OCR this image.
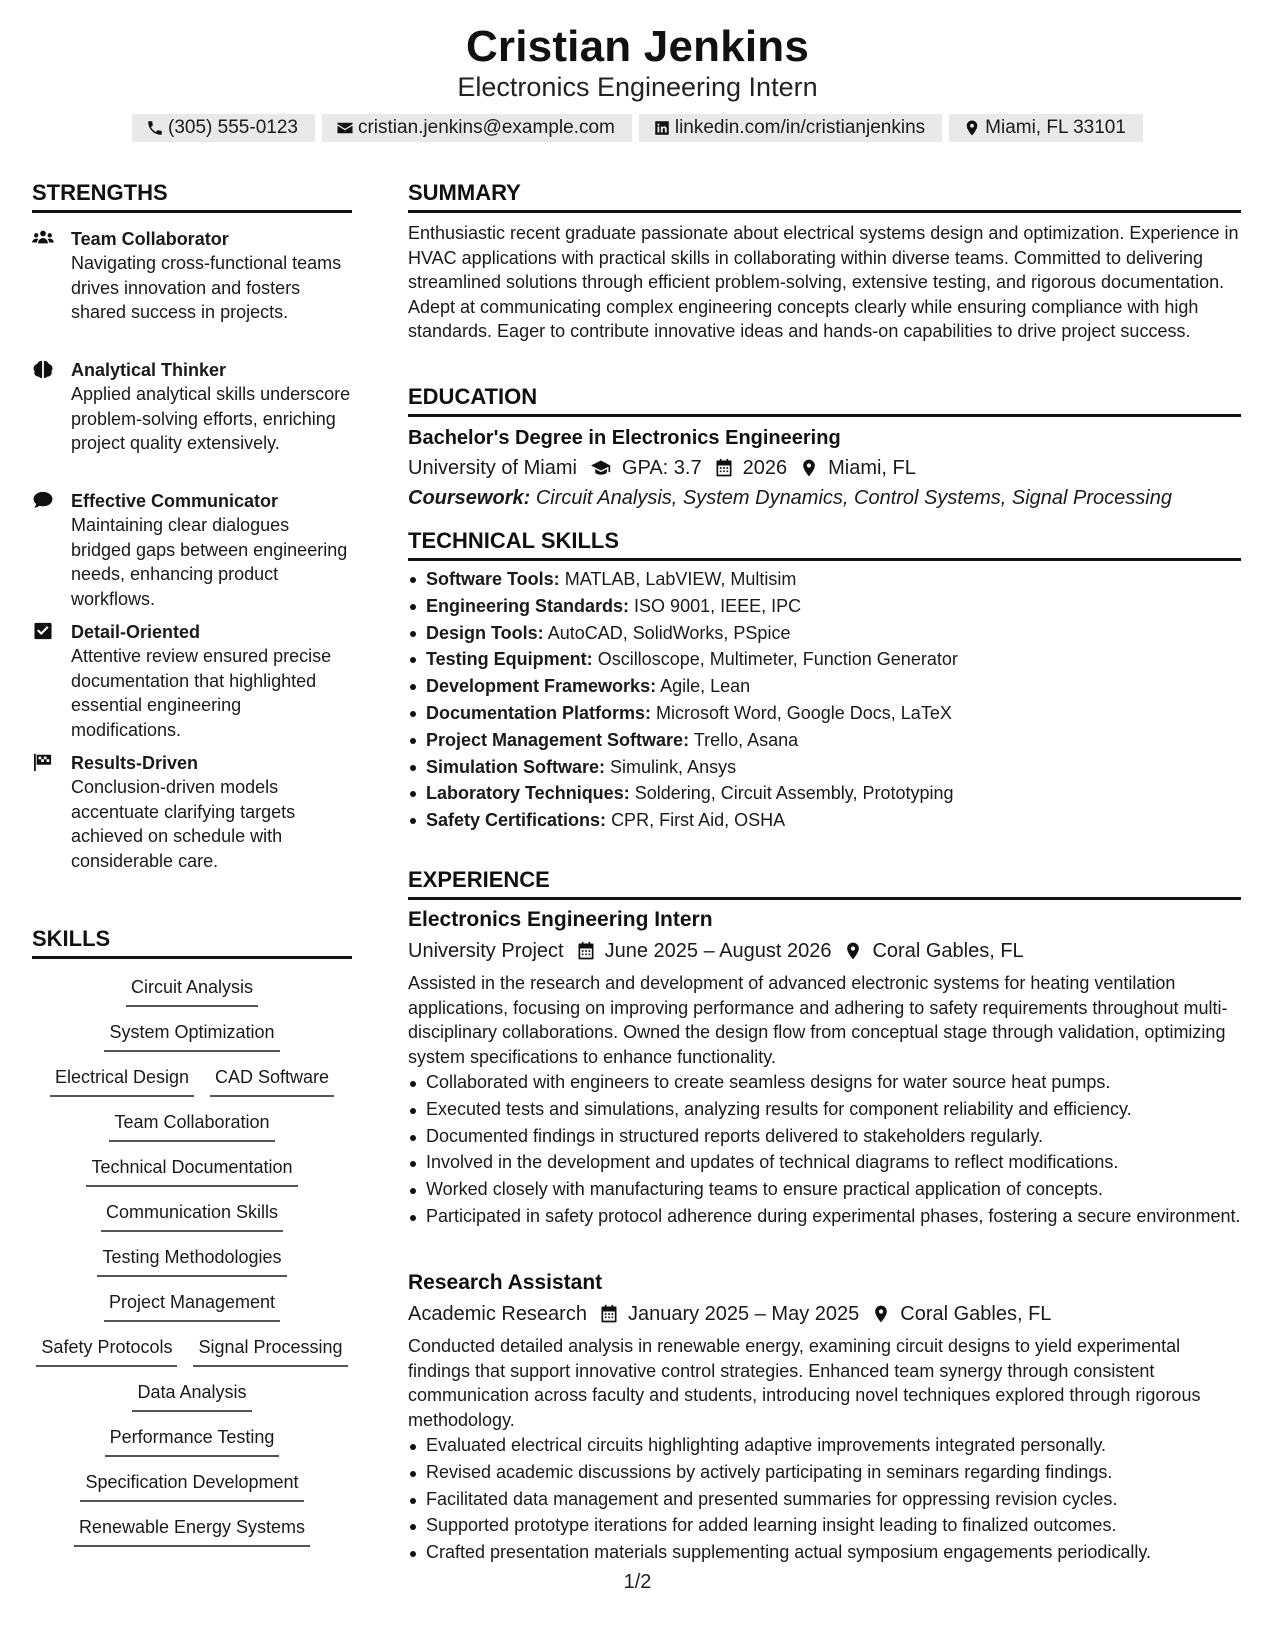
Cristian Jenkins
Electronics Engineering Intern
(305) 555-0123	cristian.jenkins@example.com	linkedin.com/in/cristianjenkins	Miami, FL 33101
STRENGTHS
Team Collaborator
Navigating cross-functional teams drives innovation and fosters shared success in projects.
Analytical Thinker
Applied analytical skills underscore problem-solving efforts, enriching project quality extensively.
Effective Communicator
Maintaining clear dialogues bridged gaps between engineering needs, enhancing product workflows.
Detail-Oriented
Attentive review ensured precise documentation that highlighted essential engineering modifications.
Results-Driven
Conclusion-driven models accentuate clarifying targets achieved on schedule with considerable care.
SKILLS
Circuit Analysis
System Optimization
Electrical Design CAD Software
Team Collaboration
Technical Documentation
Communication Skills
Testing Methodologies
Project Management
Safety Protocols Signal Processing
Data Analysis
Performance Testing
Specification Development
Renewable Energy Systems
SUMMARY
Enthusiastic recent graduate passionate about electrical systems design and optimization. Experience in HVAC applications with practical skills in collaborating within diverse teams. Committed to delivering streamlined solutions through efficient problem-solving, extensive testing, and rigorous documentation. Adept at communicating complex engineering concepts clearly while ensuring compliance with high standards. Eager to contribute innovative ideas and hands-on capabilities to drive project success.
EDUCATION
Bachelor's Degree in Electronics Engineering
University of Miami GPA: 3.7 2026 Miami, FL
Coursework: Circuit Analysis, System Dynamics, Control Systems, Signal Processing
TECHNICAL SKILLS
Software Tools: MATLAB, LabVIEW, Multisim
Engineering Standards: ISO 9001, IEEE, IPC
Design Tools: AutoCAD, SolidWorks, PSpice
Testing Equipment: Oscilloscope, Multimeter, Function Generator
Development Frameworks: Agile, Lean
Documentation Platforms: Microsoft Word, Google Docs, LaTeX
Project Management Software: Trello, Asana
Simulation Software: Simulink, Ansys
Laboratory Techniques: Soldering, Circuit Assembly, Prototyping
Safety Certifications: CPR, First Aid, OSHA
EXPERIENCE
Electronics Engineering Intern
University Project June 2025 – August 2026 Coral Gables, FL
Assisted in the research and development of advanced electronic systems for heating ventilation applications, focusing on improving performance and adhering to safety requirements throughout multi-disciplinary collaborations. Owned the design flow from conceptual stage through validation, optimizing system specifications to enhance functionality.
Collaborated with engineers to create seamless designs for water source heat pumps.
Executed tests and simulations, analyzing results for component reliability and efficiency.
Documented findings in structured reports delivered to stakeholders regularly.
Involved in the development and updates of technical diagrams to reflect modifications.
Worked closely with manufacturing teams to ensure practical application of concepts.
Participated in safety protocol adherence during experimental phases, fostering a secure environment.
Research Assistant
Academic Research January 2025 – May 2025 Coral Gables, FL
Conducted detailed analysis in renewable energy, examining circuit designs to yield experimental findings that support innovative control strategies. Enhanced team synergy through consistent communication across faculty and students, introducing novel techniques explored through rigorous methodology.
Evaluated electrical circuits highlighting adaptive improvements integrated personally.
Revised academic discussions by actively participating in seminars regarding findings.
Facilitated data management and presented summaries for oppressing revision cycles.
Supported prototype iterations for added learning insight leading to finalized outcomes.
Crafted presentation materials supplementing actual symposium engagements periodically.
1/2
